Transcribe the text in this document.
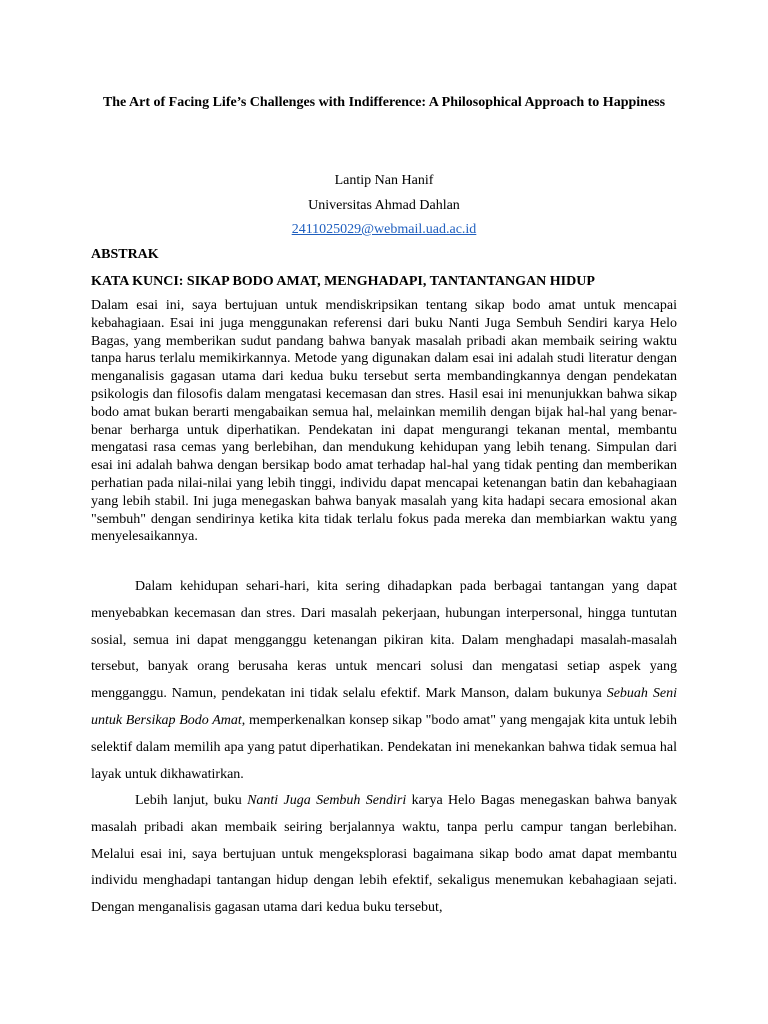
The Art of Facing Life’s Challenges with Indifference: A Philosophical Approach to Happiness
Lantip Nan Hanif
Universitas Ahmad Dahlan
2411025029@webmail.uad.ac.id
ABSTRAK
KATA KUNCI: SIKAP BODO AMAT, MENGHADAPI, TANTANTANGAN HIDUP
Dalam esai ini, saya bertujuan untuk mendiskripsikan tentang sikap bodo amat untuk mencapai kebahagiaan. Esai ini juga menggunakan referensi dari buku Nanti Juga Sembuh Sendiri karya Helo Bagas, yang memberikan sudut pandang bahwa banyak masalah pribadi akan membaik seiring waktu tanpa harus terlalu memikirkannya. Metode yang digunakan dalam esai ini adalah studi literatur dengan menganalisis gagasan utama dari kedua buku tersebut serta membandingkannya dengan pendekatan psikologis dan filosofis dalam mengatasi kecemasan dan stres. Hasil esai ini menunjukkan bahwa sikap bodo amat bukan berarti mengabaikan semua hal, melainkan memilih dengan bijak hal-hal yang benar-benar berharga untuk diperhatikan. Pendekatan ini dapat mengurangi tekanan mental, membantu mengatasi rasa cemas yang berlebihan, dan mendukung kehidupan yang lebih tenang. Simpulan dari esai ini adalah bahwa dengan bersikap bodo amat terhadap hal-hal yang tidak penting dan memberikan perhatian pada nilai-nilai yang lebih tinggi, individu dapat mencapai ketenangan batin dan kebahagiaan yang lebih stabil. Ini juga menegaskan bahwa banyak masalah yang kita hadapi secara emosional akan "sembuh" dengan sendirinya ketika kita tidak terlalu fokus pada mereka dan membiarkan waktu yang menyelesaikannya.
Dalam kehidupan sehari-hari, kita sering dihadapkan pada berbagai tantangan yang dapat menyebabkan kecemasan dan stres. Dari masalah pekerjaan, hubungan interpersonal, hingga tuntutan sosial, semua ini dapat mengganggu ketenangan pikiran kita. Dalam menghadapi masalah-masalah tersebut, banyak orang berusaha keras untuk mencari solusi dan mengatasi setiap aspek yang mengganggu. Namun, pendekatan ini tidak selalu efektif. Mark Manson, dalam bukunya Sebuah Seni untuk Bersikap Bodo Amat, memperkenalkan konsep sikap "bodo amat" yang mengajak kita untuk lebih selektif dalam memilih apa yang patut diperhatikan. Pendekatan ini menekankan bahwa tidak semua hal layak untuk dikhawatirkan.
Lebih lanjut, buku Nanti Juga Sembuh Sendiri karya Helo Bagas menegaskan bahwa banyak masalah pribadi akan membaik seiring berjalannya waktu, tanpa perlu campur tangan berlebihan. Melalui esai ini, saya bertujuan untuk mengeksplorasi bagaimana sikap bodo amat dapat membantu individu menghadapi tantangan hidup dengan lebih efektif, sekaligus menemukan kebahagiaan sejati. Dengan menganalisis gagasan utama dari kedua buku tersebut,
